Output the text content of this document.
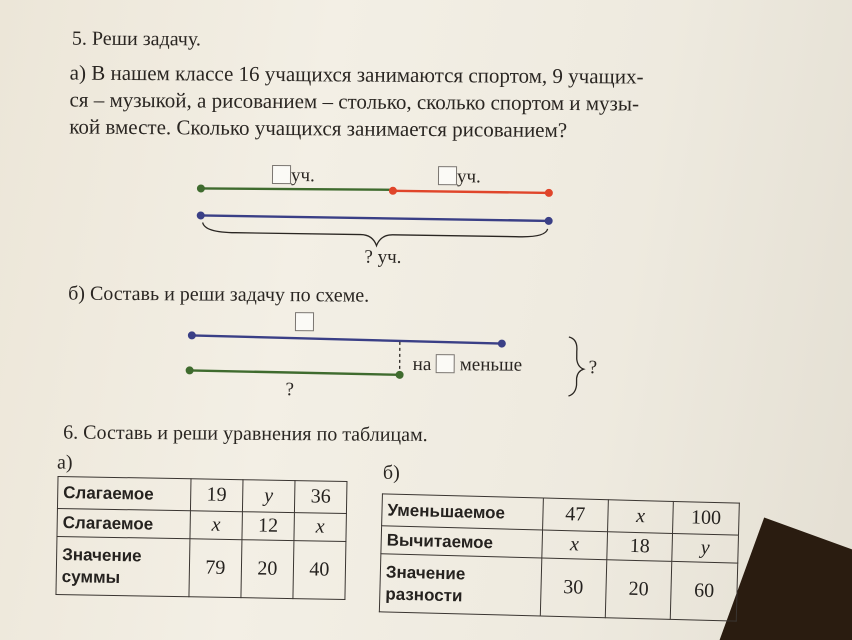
5. Реши задачу.
а) В нашем классе 16 учащихся занимаются спортом, 9 учащих-
ся – музыкой, а рисованием – столько, сколько спортом и музы-
кой вместе. Сколько учащихся занимается рисованием?
уч.	уч.
? уч.
б) Составь и реши задачу по схеме.
на меньше	?
?
6. Составь и реши уравнения по таблицам.
а)	б)
Слагаемое	19	y	36
Слагаемое	x	12	x
Значение суммы	79	20	40
Уменьшаемое	47	x	100
Вычитаемое	x	18	y
Значение разности	30	20	60
